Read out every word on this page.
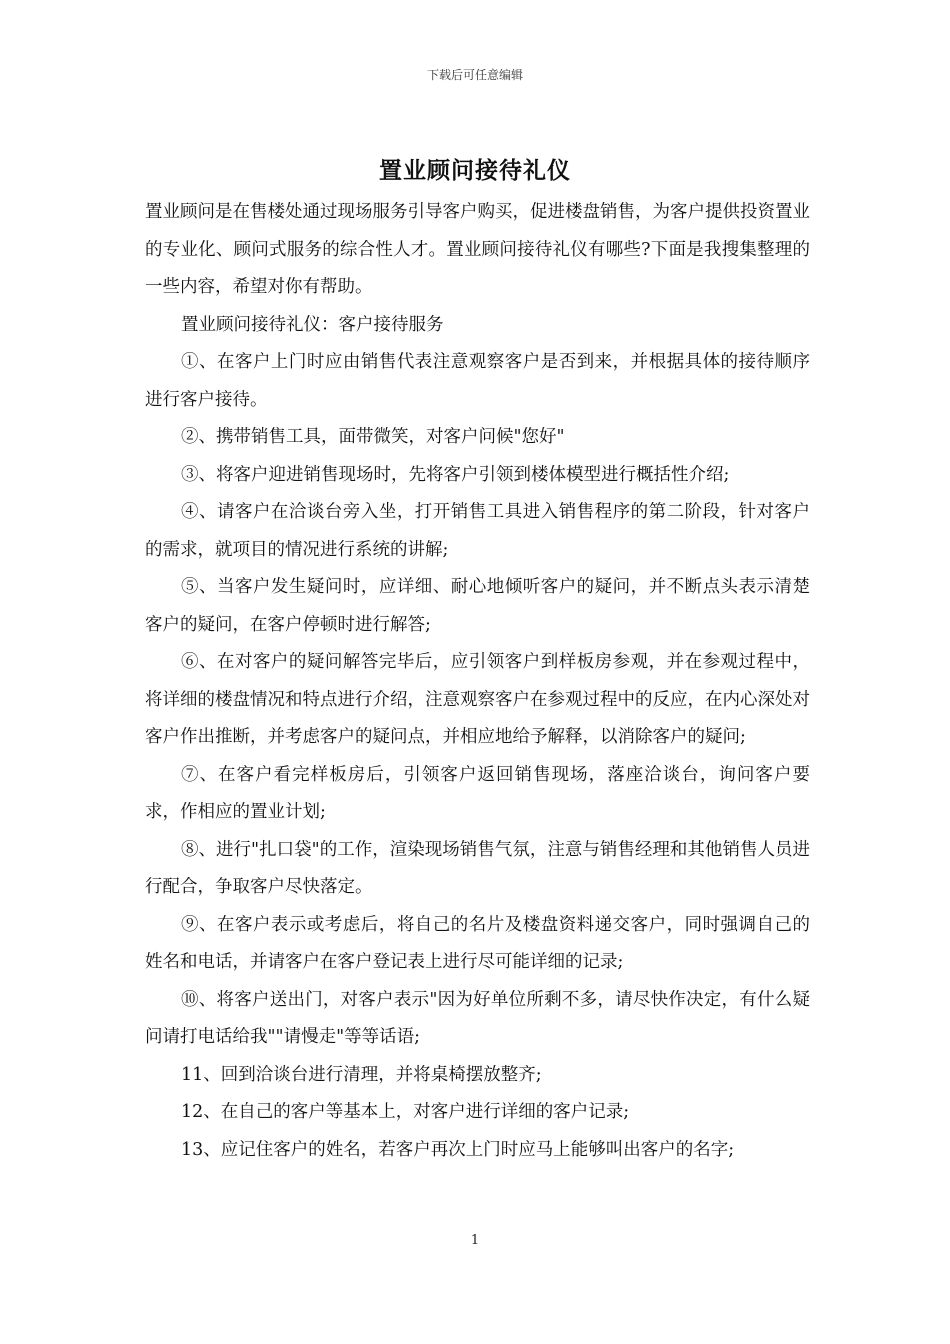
下载后可任意编辑
置业顾问接待礼仪

置业顾问是在售楼处通过现场服务引导客户购买，促进楼盘销售，为客户提供投资置业的专业化、顾问式服务的综合性人才。置业顾问接待礼仪有哪些?下面是我搜集整理的一些内容，希望对你有帮助。

置业顾问接待礼仪：客户接待服务

①、在客户上门时应由销售代表注意观察客户是否到来，并根据具体的接待顺序进行客户接待。

②、携带销售工具，面带微笑，对客户问候"您好"

③、将客户迎进销售现场时，先将客户引领到楼体模型进行概括性介绍;

④、请客户在洽谈台旁入坐，打开销售工具进入销售程序的第二阶段，针对客户的需求，就项目的情况进行系统的讲解;

⑤、当客户发生疑问时，应详细、耐心地倾听客户的疑问，并不断点头表示清楚客户的疑问，在客户停顿时进行解答;

⑥、在对客户的疑问解答完毕后，应引领客户到样板房参观，并在参观过程中，将详细的楼盘情况和特点进行介绍，注意观察客户在参观过程中的反应，在内心深处对客户作出推断，并考虑客户的疑问点，并相应地给予解释，以消除客户的疑问;

⑦、在客户看完样板房后，引领客户返回销售现场，落座洽谈台，询问客户要求，作相应的置业计划;

⑧、进行"扎口袋"的工作，渲染现场销售气氛，注意与销售经理和其他销售人员进行配合，争取客户尽快落定。

⑨、在客户表示或考虑后，将自己的名片及楼盘资料递交客户，同时强调自己的姓名和电话，并请客户在客户登记表上进行尽可能详细的记录;

⑩、将客户送出门，对客户表示"因为好单位所剩不多，请尽快作决定，有什么疑问请打电话给我""请慢走"等等话语;

11、回到洽谈台进行清理，并将桌椅摆放整齐;

12、在自己的客户等基本上，对客户进行详细的客户记录;

13、应记住客户的姓名，若客户再次上门时应马上能够叫出客户的名字;

1
